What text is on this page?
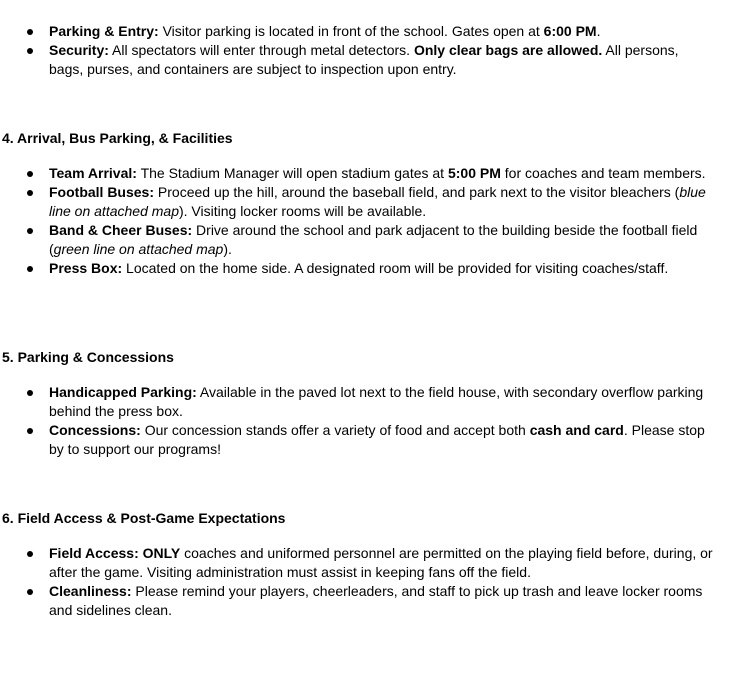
Parking & Entry: Visitor parking is located in front of the school. Gates open at 6:00 PM.
Security: All spectators will enter through metal detectors. Only clear bags are allowed. All persons, bags, purses, and containers are subject to inspection upon entry.
4. Arrival, Bus Parking, & Facilities
Team Arrival: The Stadium Manager will open stadium gates at 5:00 PM for coaches and team members.
Football Buses: Proceed up the hill, around the baseball field, and park next to the visitor bleachers (blue line on attached map). Visiting locker rooms will be available.
Band & Cheer Buses: Drive around the school and park adjacent to the building beside the football field (green line on attached map).
Press Box: Located on the home side. A designated room will be provided for visiting coaches/staff.
5. Parking & Concessions
Handicapped Parking: Available in the paved lot next to the field house, with secondary overflow parking behind the press box.
Concessions: Our concession stands offer a variety of food and accept both cash and card. Please stop by to support our programs!
6. Field Access & Post-Game Expectations
Field Access: ONLY coaches and uniformed personnel are permitted on the playing field before, during, or after the game. Visiting administration must assist in keeping fans off the field.
Cleanliness: Please remind your players, cheerleaders, and staff to pick up trash and leave locker rooms and sidelines clean.
